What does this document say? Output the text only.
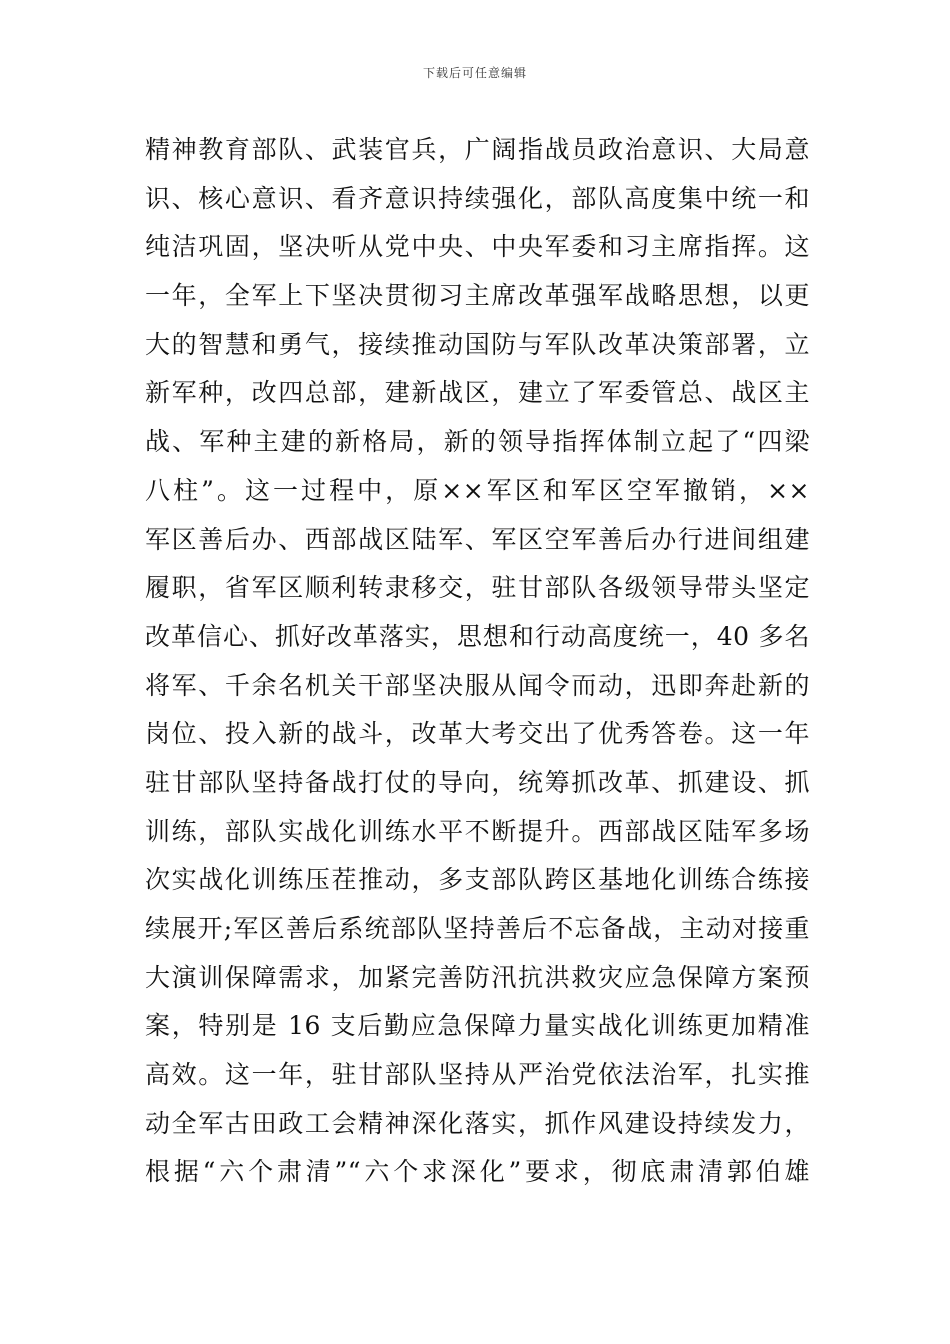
下载后可任意编辑
精神教育部队、武装官兵，广阔指战员政治意识、大局意
识、核心意识、看齐意识持续强化，部队高度集中统一和
纯洁巩固，坚决听从党中央、中央军委和习主席指挥。这
一年，全军上下坚决贯彻习主席改革强军战略思想，以更
大的智慧和勇气，接续推动国防与军队改革决策部署，立
新军种，改四总部，建新战区，建立了军委管总、战区主
战、军种主建的新格局，新的领导指挥体制立起了“四梁
八柱”。这一过程中，原××军区和军区空军撤销，××
军区善后办、西部战区陆军、军区空军善后办行进间组建
履职，省军区顺利转隶移交，驻甘部队各级领导带头坚定
改革信心、抓好改革落实，思想和行动高度统一，40 多名
将军、千余名机关干部坚决服从闻令而动，迅即奔赴新的
岗位、投入新的战斗，改革大考交出了优秀答卷。这一年
驻甘部队坚持备战打仗的导向，统筹抓改革、抓建设、抓
训练，部队实战化训练水平不断提升。西部战区陆军多场
次实战化训练压茬推动，多支部队跨区基地化训练合练接
续展开;军区善后系统部队坚持善后不忘备战，主动对接重
大演训保障需求，加紧完善防汛抗洪救灾应急保障方案预
案，特别是 16 支后勤应急保障力量实战化训练更加精准
高效。这一年，驻甘部队坚持从严治党依法治军，扎实推
动全军古田政工会精神深化落实，抓作风建设持续发力，
根据“六个肃清”“六个求深化”要求，彻底肃清郭伯雄
